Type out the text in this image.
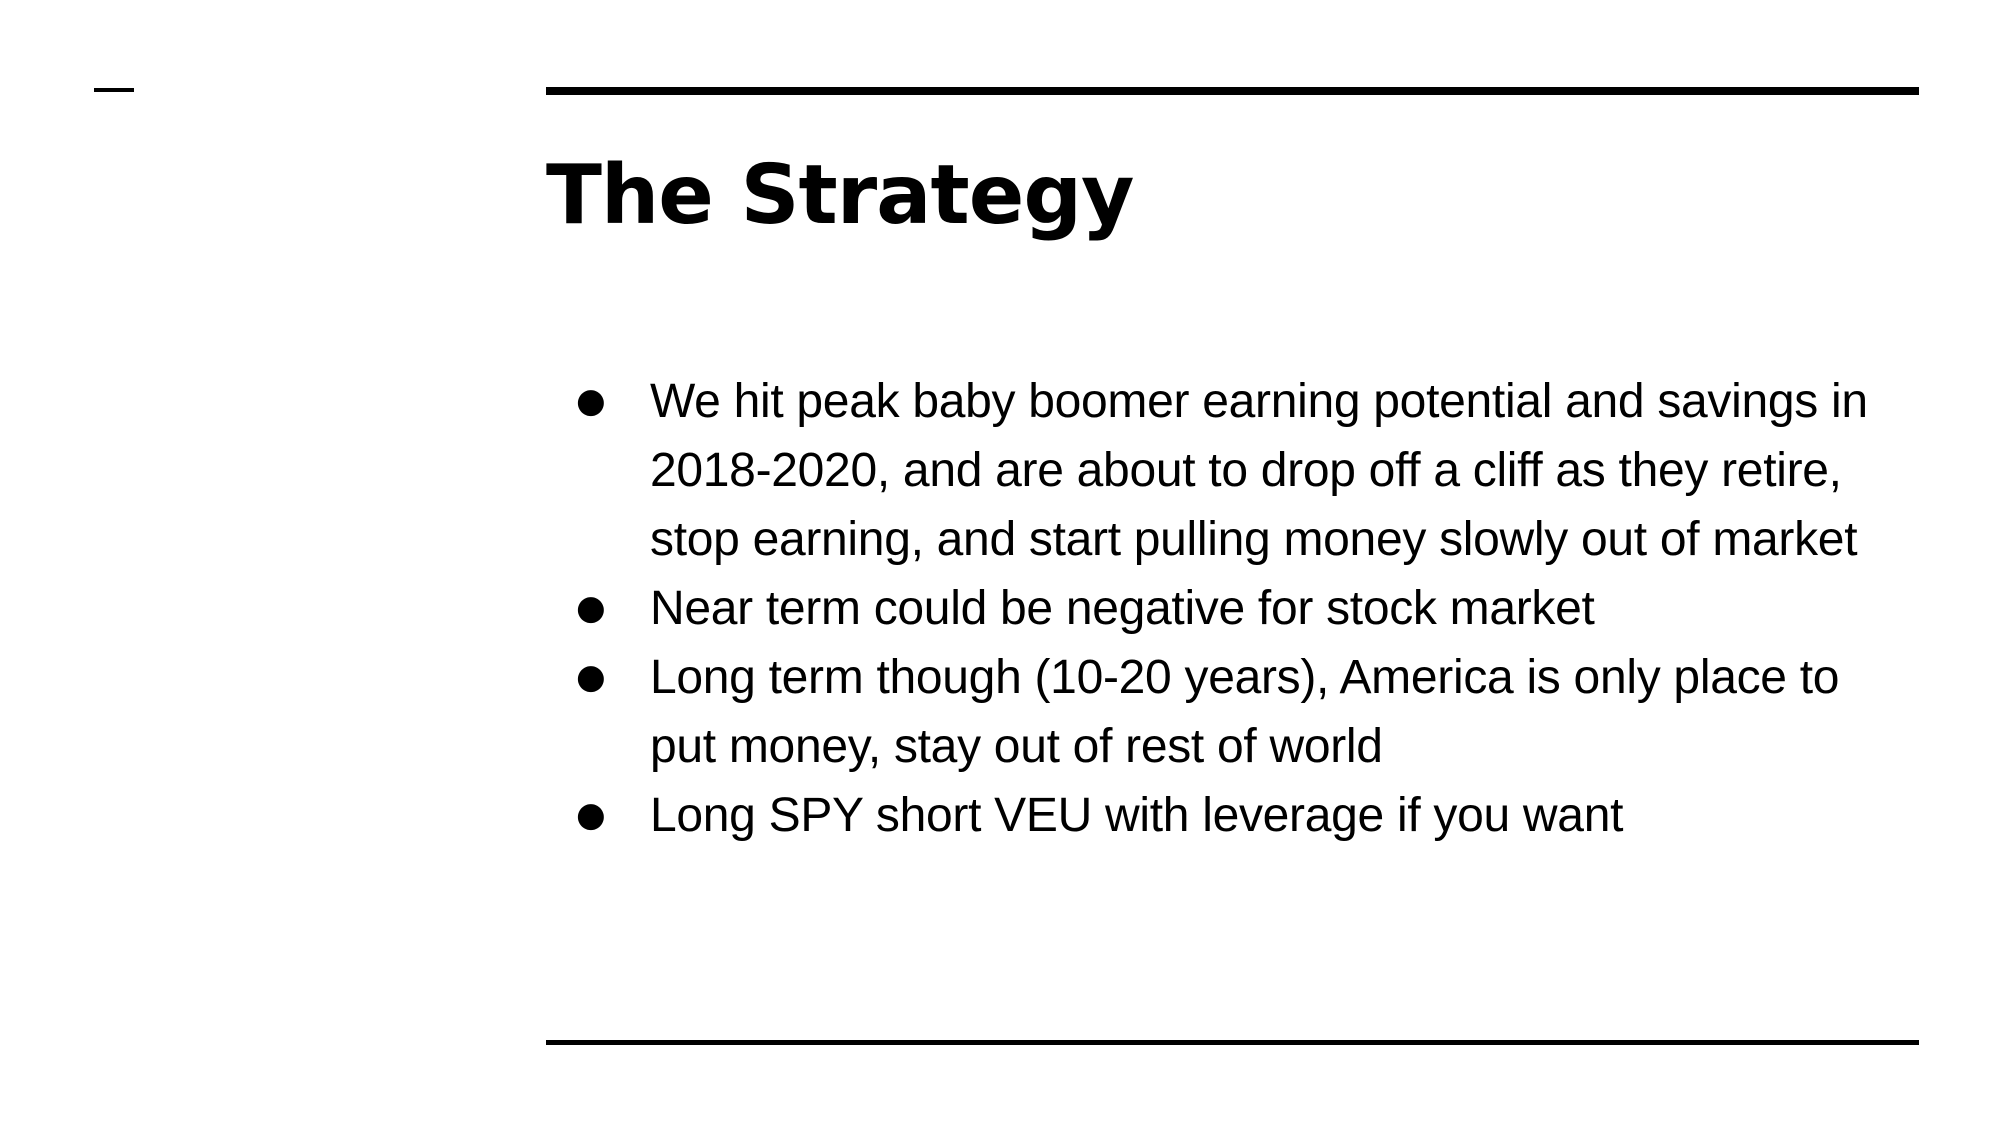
The Strategy
● We hit peak baby boomer earning potential and savings in 2018-2020, and are about to drop off a cliff as they retire, stop earning, and start pulling money slowly out of market
● Near term could be negative for stock market
● Long term though (10-20 years), America is only place to put money, stay out of rest of world
● Long SPY short VEU with leverage if you want
